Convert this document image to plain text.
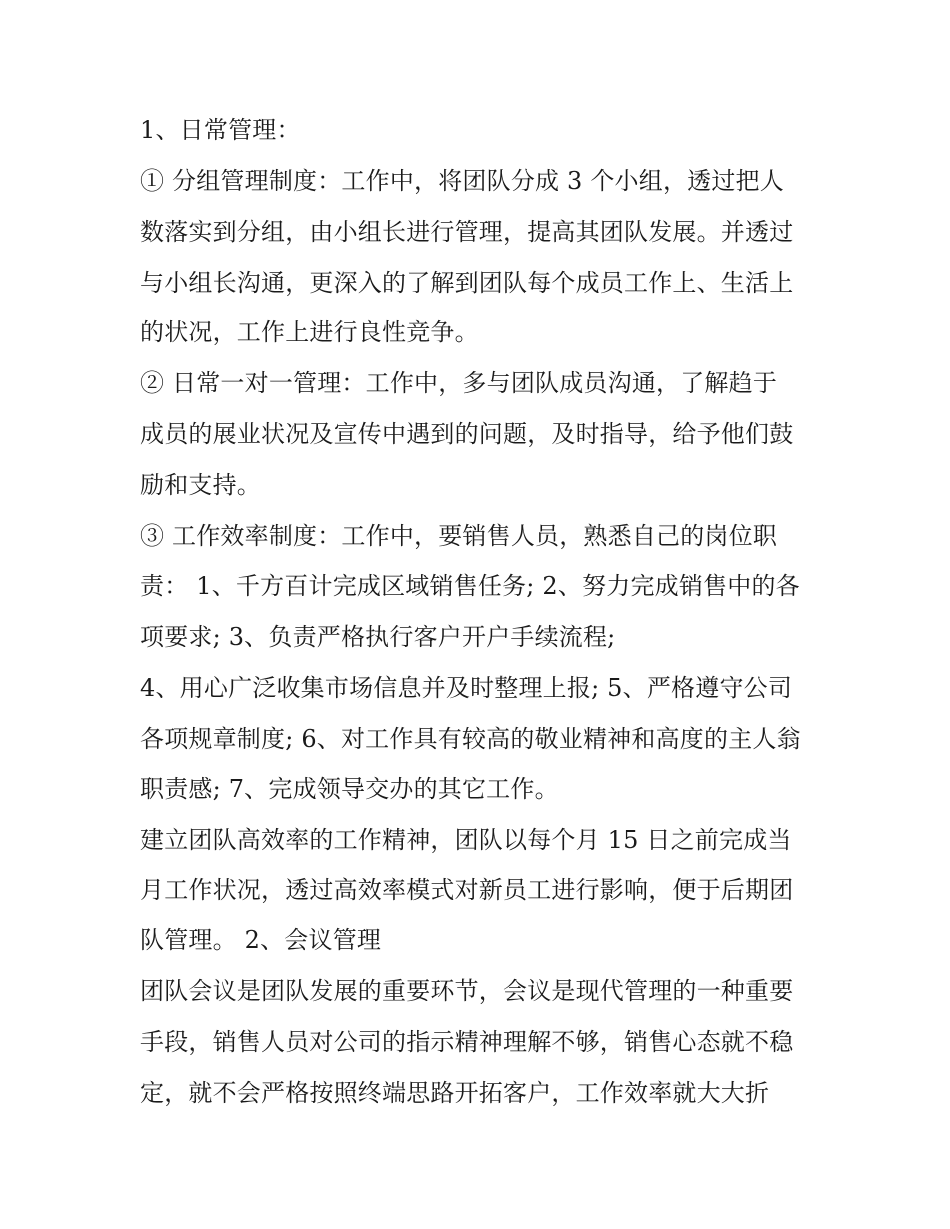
1、日常管理：
① 分组管理制度：工作中，将团队分成 3 个小组，透过把人
数落实到分组，由小组长进行管理，提高其团队发展。并透过
与小组长沟通，更深入的了解到团队每个成员工作上、生活上
的状况，工作上进行良性竞争。
② 日常一对一管理：工作中，多与团队成员沟通，了解趋于
成员的展业状况及宣传中遇到的问题，及时指导，给予他们鼓
励和支持。
③ 工作效率制度：工作中，要销售人员，熟悉自己的岗位职
责： 1、千方百计完成区域销售任务; 2、努力完成销售中的各
项要求; 3、负责严格执行客户开户手续流程;
4、用心广泛收集市场信息并及时整理上报; 5、严格遵守公司
各项规章制度; 6、对工作具有较高的敬业精神和高度的主人翁
职责感; 7、完成领导交办的其它工作。
建立团队高效率的工作精神，团队以每个月 15 日之前完成当
月工作状况，透过高效率模式对新员工进行影响，便于后期团
队管理。 2、会议管理
团队会议是团队发展的重要环节，会议是现代管理的一种重要
手段，销售人员对公司的指示精神理解不够，销售心态就不稳
定，就不会严格按照终端思路开拓客户，工作效率就大大折
